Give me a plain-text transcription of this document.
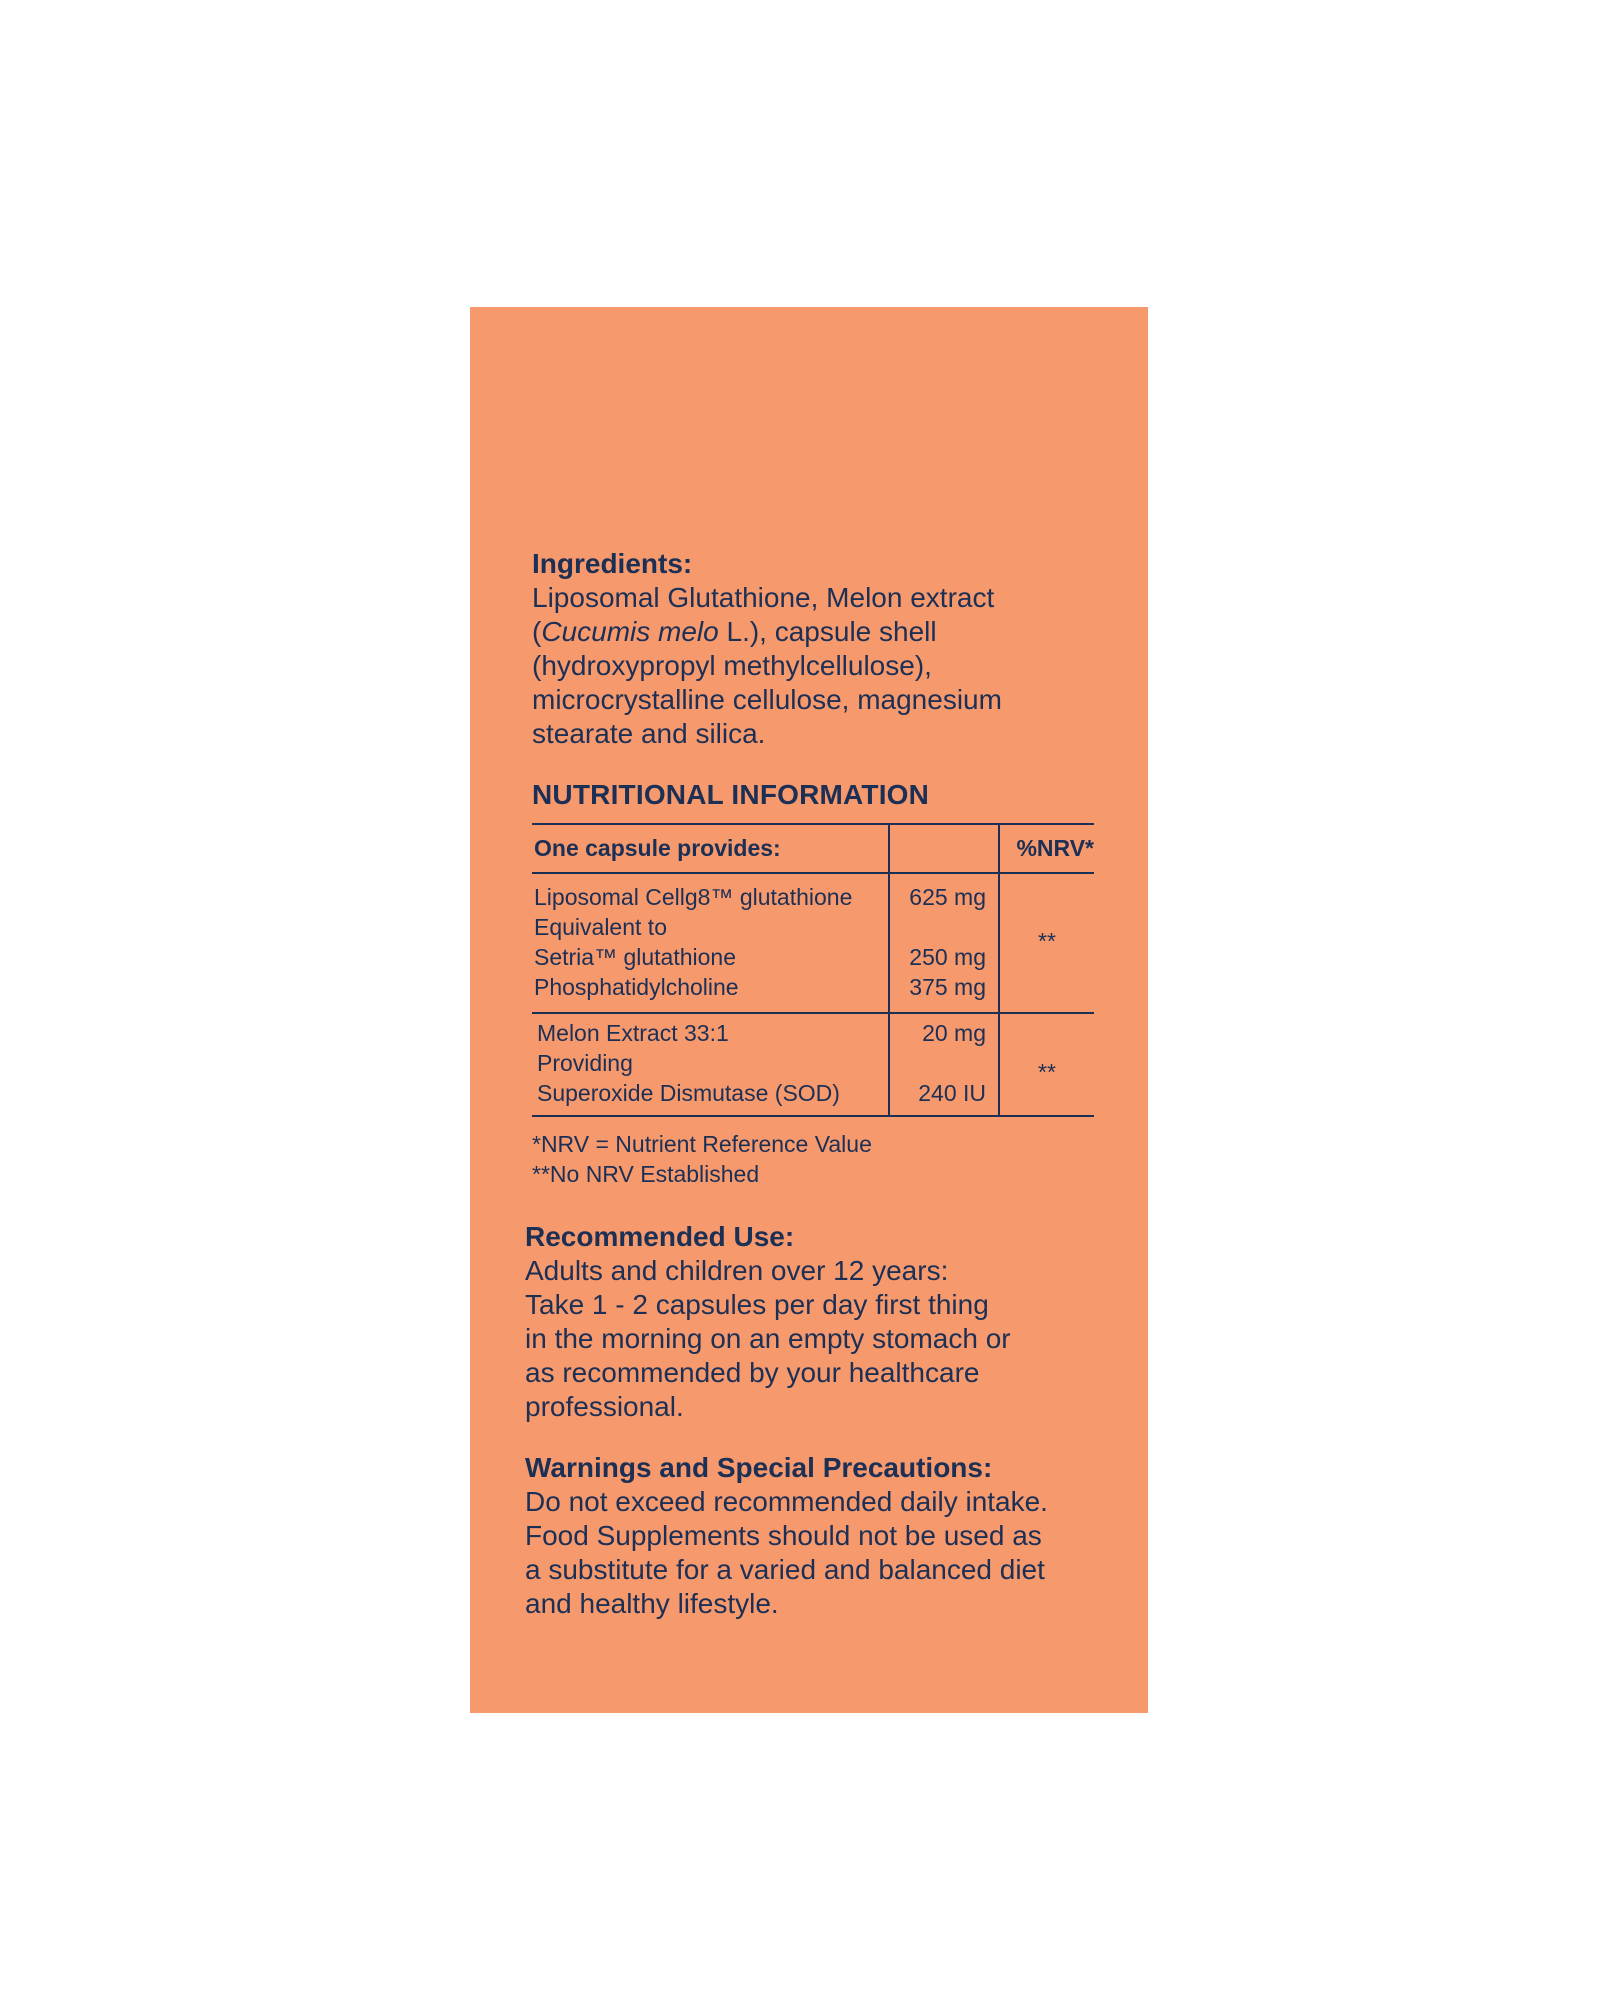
Ingredients:
Liposomal Glutathione, Melon extract
(Cucumis melo L.), capsule shell
(hydroxypropyl methylcellulose),
microcrystalline cellulose, magnesium
stearate and silica.
NUTRITIONAL INFORMATION
One capsule provides:	%NRV*
Liposomal Cellg8™ glutathione
Equivalent to
Setria™ glutathione
Phosphatidylcholine
625 mg
250 mg
375 mg
**
Melon Extract 33:1
Providing
Superoxide Dismutase (SOD)
20 mg
240 IU
**
*NRV = Nutrient Reference Value
**No NRV Established
Recommended Use:
Adults and children over 12 years:
Take 1 - 2 capsules per day first thing
in the morning on an empty stomach or
as recommended by your healthcare
professional.
Warnings and Special Precautions:
Do not exceed recommended daily intake.
Food Supplements should not be used as
a substitute for a varied and balanced diet
and healthy lifestyle.
